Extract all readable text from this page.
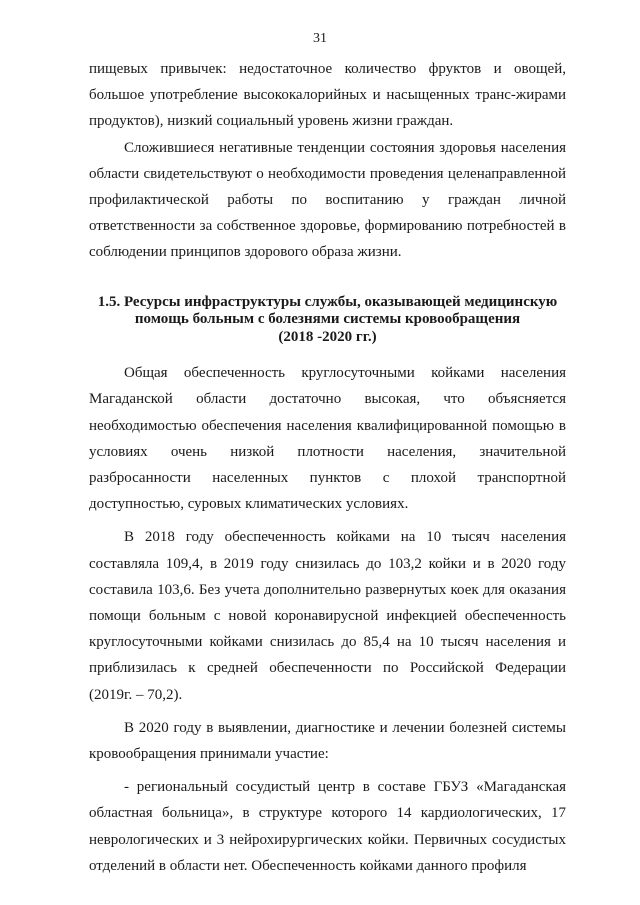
31

пищевых привычек: недостаточное количество фруктов и овощей, большое употребление высококалорийных и насыщенных транс-жирами продуктов), низкий социальный уровень жизни граждан.

Сложившиеся негативные тенденции состояния здоровья населения области свидетельствуют о необходимости проведения целенаправленной профилактической работы по воспитанию у граждан личной ответственности за собственное здоровье, формированию потребностей в соблюдении принципов здорового образа жизни.

1.5. Ресурсы инфраструктуры службы, оказывающей медицинскую
помощь больным с болезнями системы кровообращения
(2018 -2020 гг.)

Общая обеспеченность круглосуточными койками населения Магаданской области достаточно высокая, что объясняется необходимостью обеспечения населения квалифицированной помощью в условиях очень низкой плотности населения, значительной разбросанности населенных пунктов с плохой транспортной доступностью, суровых климатических условиях.

В 2018 году обеспеченность койками на 10 тысяч населения составляла 109,4, в 2019 году снизилась до 103,2 койки и в 2020 году составила 103,6. Без учета дополнительно развернутых коек для оказания помощи больным с новой коронавирусной инфекцией обеспеченность круглосуточными койками снизилась до 85,4 на 10 тысяч населения и приблизилась к средней обеспеченности по Российской Федерации (2019г. – 70,2).

В 2020 году в выявлении, диагностике и лечении болезней системы кровообращения принимали участие:

- региональный сосудистый центр в составе ГБУЗ «Магаданская областная больница», в структуре которого 14 кардиологических, 17 неврологических и 3 нейрохирургических койки. Первичных сосудистых отделений в области нет. Обеспеченность койками данного профиля
